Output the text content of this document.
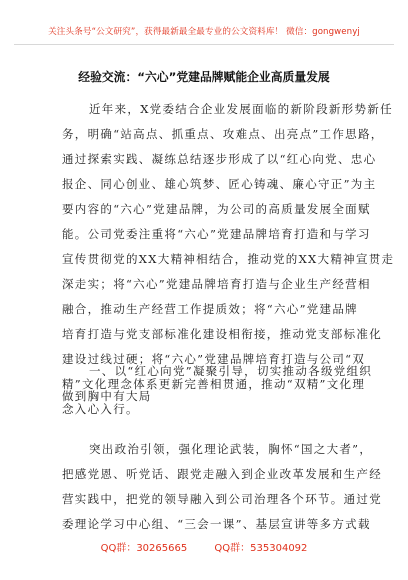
关注头条号“公文研究”，获得最新最全最专业的公文资料库！ 微信：gongwenyj
经验交流：“六心”党建品牌赋能企业高质量发展
近年来，X党委结合企业发展面临的新阶段新形势新任
务，明确“站高点、抓重点、攻难点、出亮点”工作思路，
通过探索实践、凝练总结逐步形成了以“红心向党、忠心
报企、同心创业、雄心筑梦、匠心铸魂、廉心守正”为主
要内容的“六心”党建品牌，为公司的高质量发展全面赋
能。公司党委注重将“六心”党建品牌培育打造和与学习
宣传贯彻党的XX大精神相结合，推动党的XX大精神宣贯走
深走实；将“六心”党建品牌培育打造与企业生产经营相
融合，推动生产经营工作提质效；将“六心”党建品牌
培育打造与党支部标准化建设相衔接，推动党支部标准化
建设过线过硬；将“六心”党建品牌培育打造与公司“双
精”文化理念体系更新完善相贯通，推动“双精”文化理
念入心入行。
一、以“红心向党”凝聚引导，切实推动各级党组织
做到胸中有大局
突出政治引领，强化理论武装，胸怀“国之大者”，
把感党恩、听党话、跟党走融入到企业改革发展和生产经
营实践中，把党的领导融入到公司治理各个环节。通过党
委理论学习中心组、“三会一课”、基层宣讲等多方式载
QQ群：30265665	QQ群：535304092
